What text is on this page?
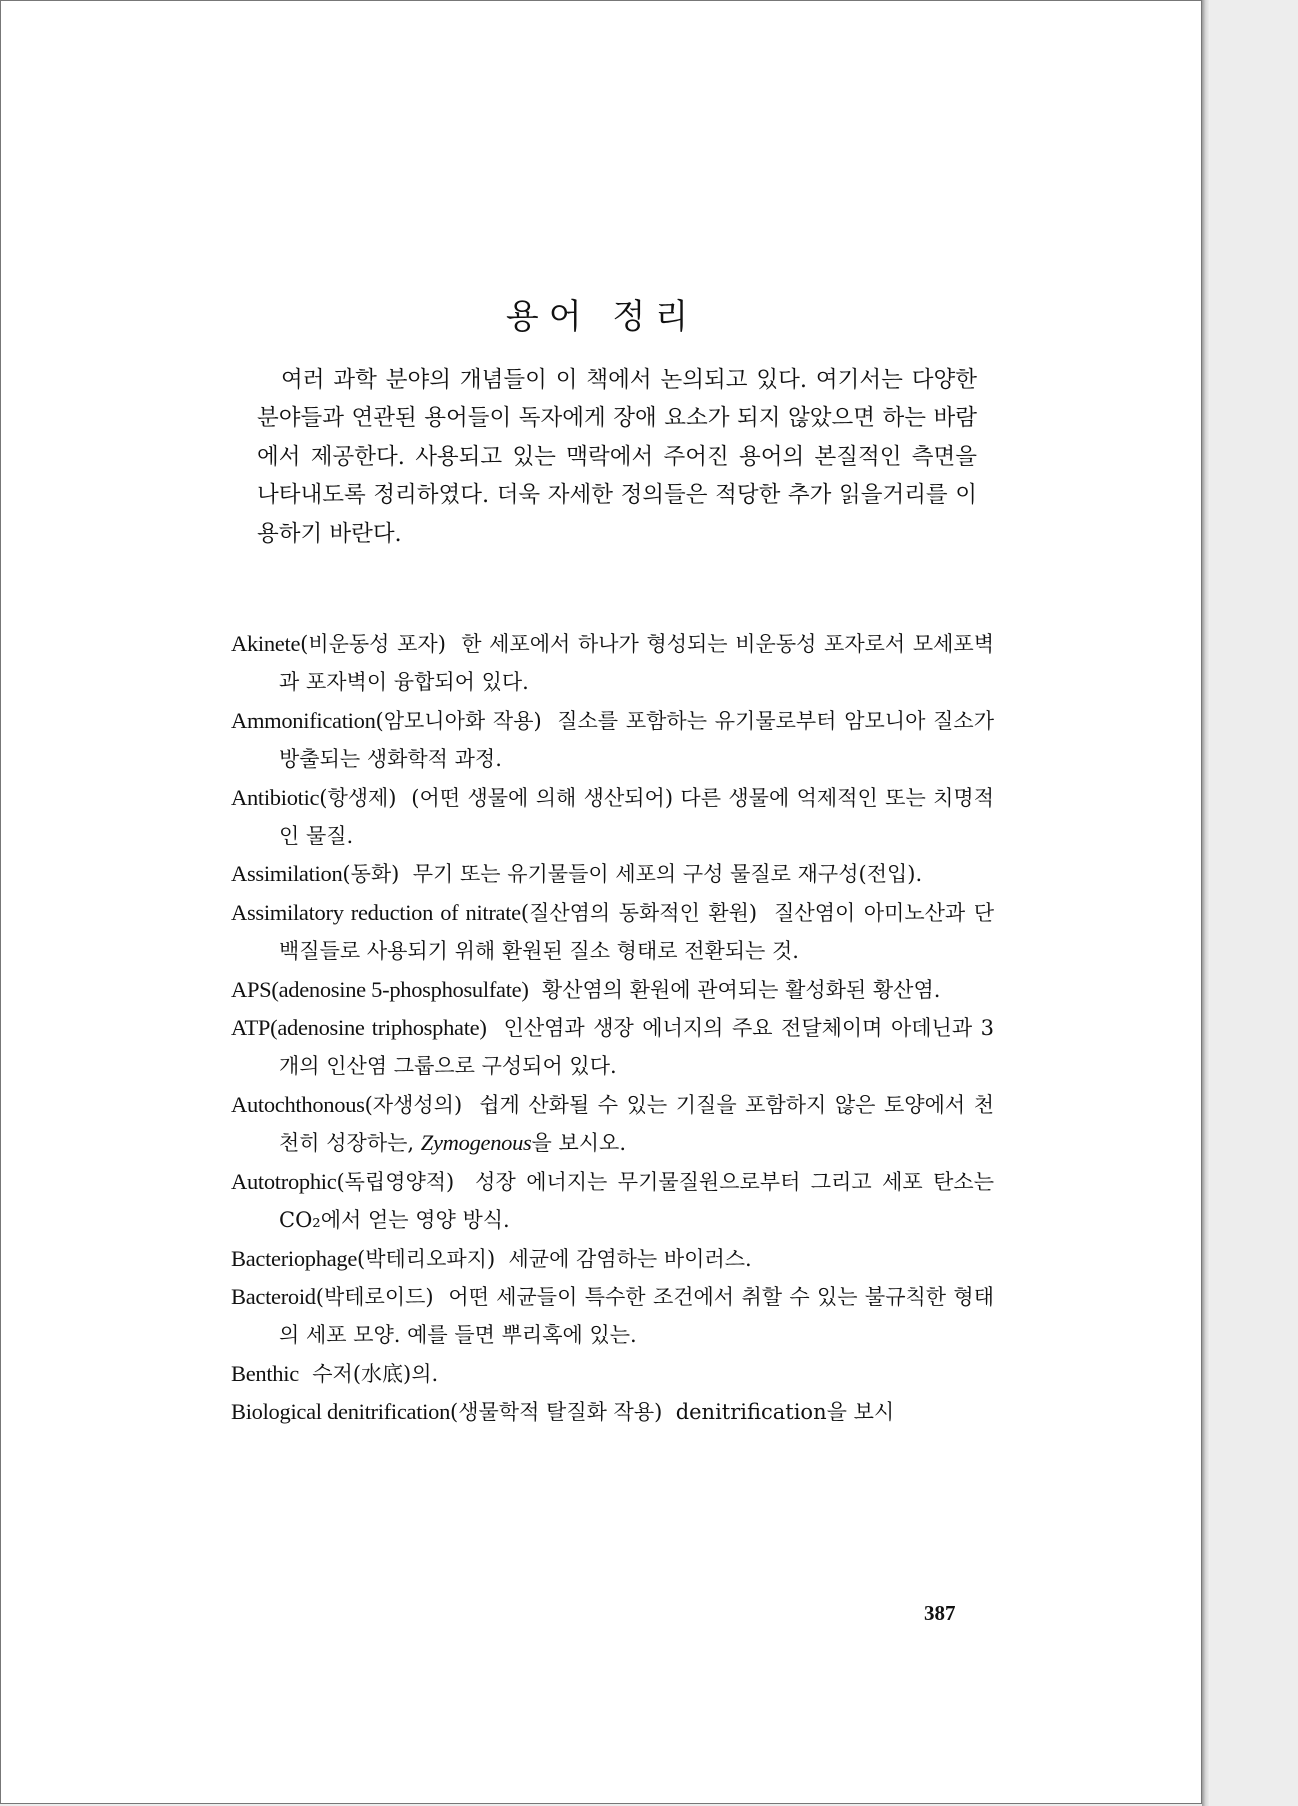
용어 정리

여러 과학 분야의 개념들이 이 책에서 논의되고 있다. 여기서는 다양한 분야들과 연관된 용어들이 독자에게 장애 요소가 되지 않았으면 하는 바람에서 제공한다. 사용되고 있는 맥락에서 주어진 용어의 본질적인 측면을 나타내도록 정리하였다. 더욱 자세한 정의들은 적당한 추가 읽을거리를 이용하기 바란다.

Akinete(비운동성 포자) 한 세포에서 하나가 형성되는 비운동성 포자로서 모세포벽과 포자벽이 융합되어 있다.
Ammonification(암모니아화 작용) 질소를 포함하는 유기물로부터 암모니아 질소가 방출되는 생화학적 과정.
Antibiotic(항생제) (어떤 생물에 의해 생산되어) 다른 생물에 억제적인 또는 치명적인 물질.
Assimilation(동화) 무기 또는 유기물들이 세포의 구성 물질로 재구성(전입).
Assimilatory reduction of nitrate(질산염의 동화적인 환원) 질산염이 아미노산과 단백질들로 사용되기 위해 환원된 질소 형태로 전환되는 것.
APS(adenosine 5-phosphosulfate) 황산염의 환원에 관여되는 활성화된 황산염.
ATP(adenosine triphosphate) 인산염과 생장 에너지의 주요 전달체이며 아데닌과 3개의 인산염 그룹으로 구성되어 있다.
Autochthonous(자생성의) 쉽게 산화될 수 있는 기질을 포함하지 않은 토양에서 천천히 성장하는, Zymogenous을 보시오.
Autotrophic(독립영양적) 성장 에너지는 무기물질원으로부터 그리고 세포 탄소는 CO₂에서 얻는 영양 방식.
Bacteriophage(박테리오파지) 세균에 감염하는 바이러스.
Bacteroid(박테로이드) 어떤 세균들이 특수한 조건에서 취할 수 있는 불규칙한 형태의 세포 모양. 예를 들면 뿌리혹에 있는.
Benthic 수저(水底)의.
Biological denitrification(생물학적 탈질화 작용) denitrification을 보시
387
